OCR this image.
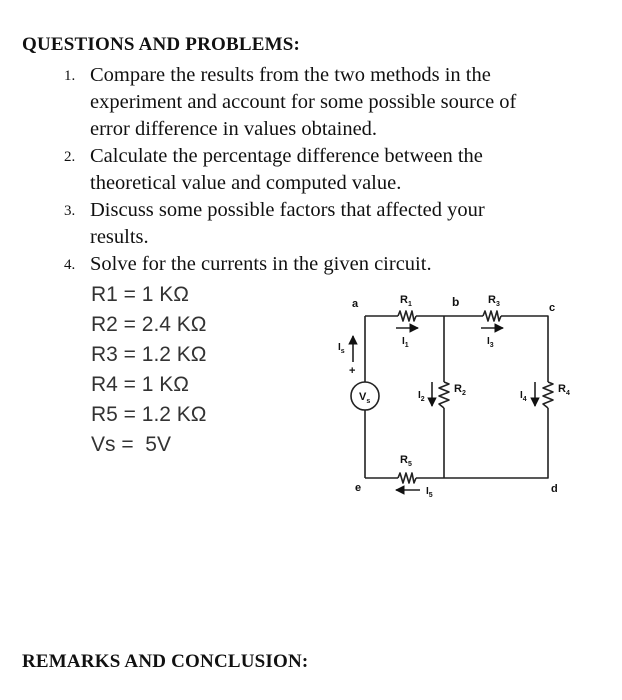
QUESTIONS AND PROBLEMS:
1. Compare the results from the two methods in the
experiment and account for some possible source of
error difference in values obtained.
2. Calculate the percentage difference between the
theoretical value and computed value.
3. Discuss some possible factors that affected your
results.
4. Solve for the currents in the given circuit.
R1 = 1 KΩ
R2 = 2.4 KΩ
R3 = 1.2 KΩ
R4 = 1 KΩ
R5 = 1.2 KΩ
Vs =  5V
a	b	c
d
e
+
$V_s$
$R_1$
$R_2$
$R_3$
$R_4$
$R_5$
$I_s$
$I_1$
$I_2$
$I_3$
$I_4$
$I_5$
REMARKS AND CONCLUSION:
